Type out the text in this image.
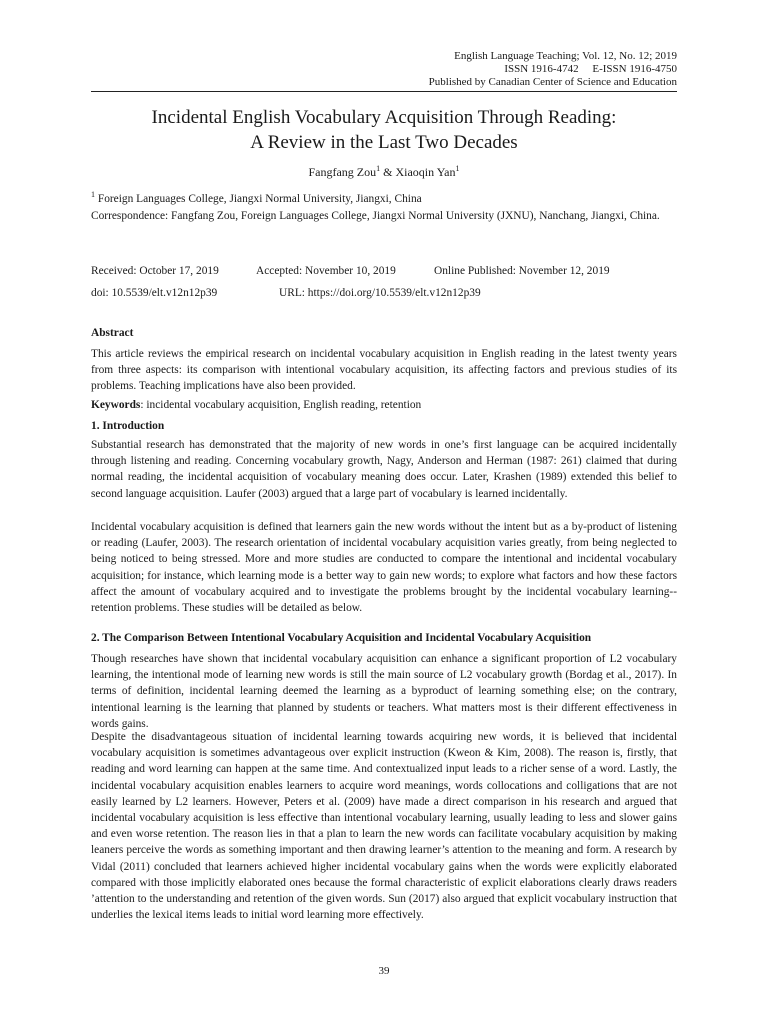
English Language Teaching; Vol. 12, No. 12; 2019
ISSN 1916-4742     E-ISSN 1916-4750
Published by Canadian Center of Science and Education
Incidental English Vocabulary Acquisition Through Reading:
A Review in the Last Two Decades
Fangfang Zou$^1$ & Xiaoqin Yan$^1$
$^1$ Foreign Languages College, Jiangxi Normal University, Jiangxi, China
Correspondence: Fangfang Zou, Foreign Languages College, Jiangxi Normal University (JXNU), Nanchang, Jiangxi, China.
Received: October 17, 2019	Accepted: November 10, 2019	Online Published: November 12, 2019
doi: 10.5539/elt.v12n12p39	URL: https://doi.org/10.5539/elt.v12n12p39
Abstract
This article reviews the empirical research on incidental vocabulary acquisition in English reading in the latest twenty years from three aspects: its comparison with intentional vocabulary acquisition, its affecting factors and previous studies of its problems. Teaching implications have also been provided.
Keywords: incidental vocabulary acquisition, English reading, retention
1. Introduction
Substantial research has demonstrated that the majority of new words in one’s first language can be acquired incidentally through listening and reading. Concerning vocabulary growth, Nagy, Anderson and Herman (1987: 261) claimed that during normal reading, the incidental acquisition of vocabulary meaning does occur. Later, Krashen (1989) extended this belief to second language acquisition. Laufer (2003) argued that a large part of vocabulary is learned incidentally.
Incidental vocabulary acquisition is defined that learners gain the new words without the intent but as a by-product of listening or reading (Laufer, 2003). The research orientation of incidental vocabulary acquisition varies greatly, from being neglected to being noticed to being stressed. More and more studies are conducted to compare the intentional and incidental vocabulary acquisition; for instance, which learning mode is a better way to gain new words; to explore what factors and how these factors affect the amount of vocabulary acquired and to investigate the problems brought by the incidental vocabulary learning--retention problems. These studies will be detailed as below.
2. The Comparison Between Intentional Vocabulary Acquisition and Incidental Vocabulary Acquisition
Though researches have shown that incidental vocabulary acquisition can enhance a significant proportion of L2 vocabulary learning, the intentional mode of learning new words is still the main source of L2 vocabulary growth (Bordag et al., 2017). In terms of definition, incidental learning deemed the learning as a byproduct of learning something else; on the contrary, intentional learning is the learning that planned by students or teachers. What matters most is their different effectiveness in words gains.
Despite the disadvantageous situation of incidental learning towards acquiring new words, it is believed that incidental vocabulary acquisition is sometimes advantageous over explicit instruction (Kweon & Kim, 2008). The reason is, firstly, that reading and word learning can happen at the same time. And contextualized input leads to a richer sense of a word. Lastly, the incidental vocabulary acquisition enables learners to acquire word meanings, words collocations and colligations that are not easily learned by L2 learners. However, Peters et al. (2009) have made a direct comparison in his research and argued that incidental vocabulary acquisition is less effective than intentional vocabulary learning, usually leading to less and slower gains and even worse retention. The reason lies in that a plan to learn the new words can facilitate vocabulary acquisition by making leaners perceive the words as something important and then drawing learner’s attention to the meaning and form. A research by Vidal (2011) concluded that learners achieved higher incidental vocabulary gains when the words were explicitly elaborated compared with those implicitly elaborated ones because the formal characteristic of explicit elaborations clearly draws readers ’attention to the understanding and retention of the given words. Sun (2017) also argued that explicit vocabulary instruction that underlies the lexical items leads to initial word learning more effectively.
39
